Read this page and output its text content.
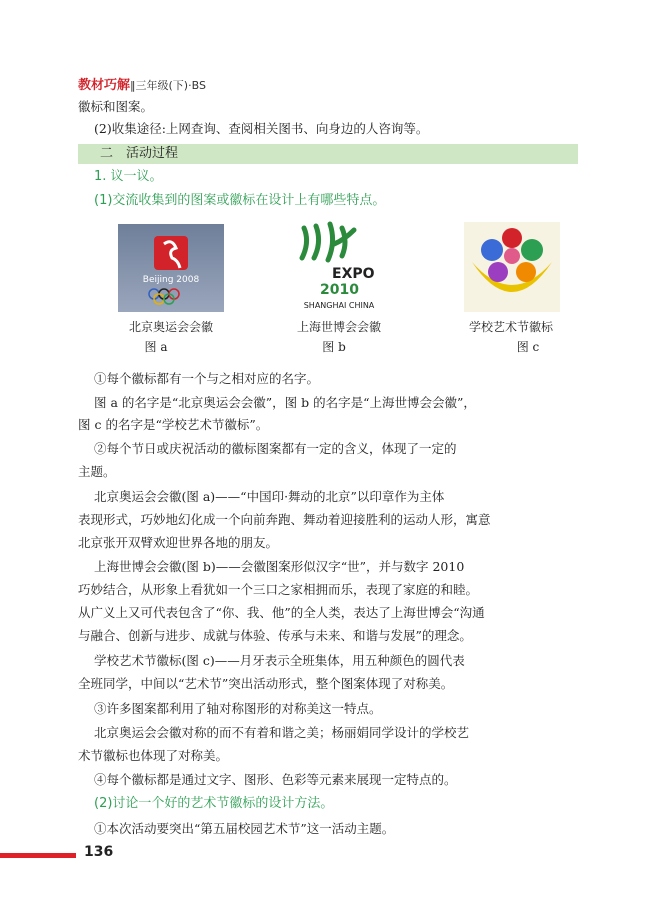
教材巧解‖三年级(下)·BS
徽标和图案。
(2)收集途径:上网查询、查阅相关图书、向身边的人咨询等。
二　活动过程
1. 议一议。
(1)交流收集到的图案或徽标在设计上有哪些特点。
Beijing 2008
北京奥运会会徽
图 a
EXPO
2010
SHANGHAI CHINA
上海世博会会徽
图 b
学校艺术节徽标
图 c
①每个徽标都有一个与之相对应的名字。
图 a 的名字是“北京奥运会会徽”，图 b 的名字是“上海世博会会徽”，
图 c 的名字是“学校艺术节徽标”。
②每个节日或庆祝活动的徽标图案都有一定的含义，体现了一定的
主题。
北京奥运会会徽(图 a)——“中国印·舞动的北京”以印章作为主体
表现形式，巧妙地幻化成一个向前奔跑、舞动着迎接胜利的运动人形，寓意
北京张开双臂欢迎世界各地的朋友。
上海世博会会徽(图 b)——会徽图案形似汉字“世”，并与数字 2010
巧妙结合，从形象上看犹如一个三口之家相拥而乐，表现了家庭的和睦。
从广义上又可代表包含了“你、我、他”的全人类，表达了上海世博会“沟通
与融合、创新与进步、成就与体验、传承与未来、和谐与发展”的理念。
学校艺术节徽标(图 c)——月牙表示全班集体，用五种颜色的圆代表
全班同学，中间以“艺术节”突出活动形式，整个图案体现了对称美。
③许多图案都利用了轴对称图形的对称美这一特点。
北京奥运会会徽对称的而不有着和谐之美；杨丽娟同学设计的学校艺
术节徽标也体现了对称美。
④每个徽标都是通过文字、图形、色彩等元素来展现一定特点的。
(2)讨论一个好的艺术节徽标的设计方法。
①本次活动要突出“第五届校园艺术节”这一活动主题。
136
